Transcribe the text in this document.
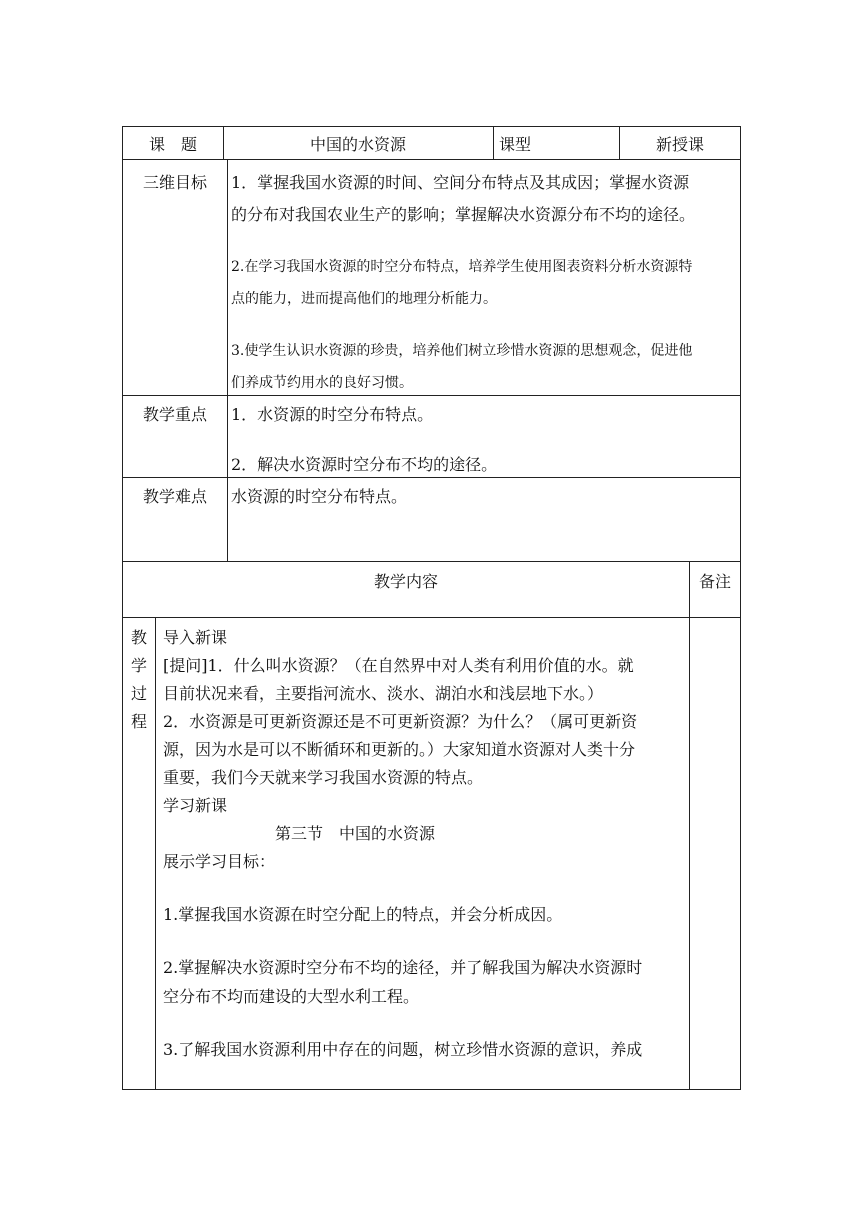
课　题	中国的水资源	课型	新授课
三维目标	1．掌握我国水资源的时间、空间分布特点及其成因；掌握水资源
的分布对我国农业生产的影响；掌握解决水资源分布不均的途径。
2.在学习我国水资源的时空分布特点，培养学生使用图表资料分析水资源特
点的能力，进而提高他们的地理分析能力。
3.使学生认识水资源的珍贵，培养他们树立珍惜水资源的思想观念，促进他
们养成节约用水的良好习惯。
教学重点	1．水资源的时空分布特点。
2．解决水资源时空分布不均的途径。
教学难点	水资源的时空分布特点。
教学内容	备注
教
学
过
程
导入新课
[提问]1．什么叫水资源？（在自然界中对人类有利用价值的水。就
目前状况来看，主要指河流水、淡水、湖泊水和浅层地下水。）
2．水资源是可更新资源还是不可更新资源？为什么？（属可更新资
源，因为水是可以不断循环和更新的。）大家知道水资源对人类十分
重要，我们今天就来学习我国水资源的特点。
学习新课
第三节　中国的水资源
展示学习目标：
1.掌握我国水资源在时空分配上的特点，并会分析成因。
2.掌握解决水资源时空分布不均的途径，并了解我国为解决水资源时
空分布不均而建设的大型水利工程。
3.了解我国水资源利用中存在的问题，树立珍惜水资源的意识，养成
